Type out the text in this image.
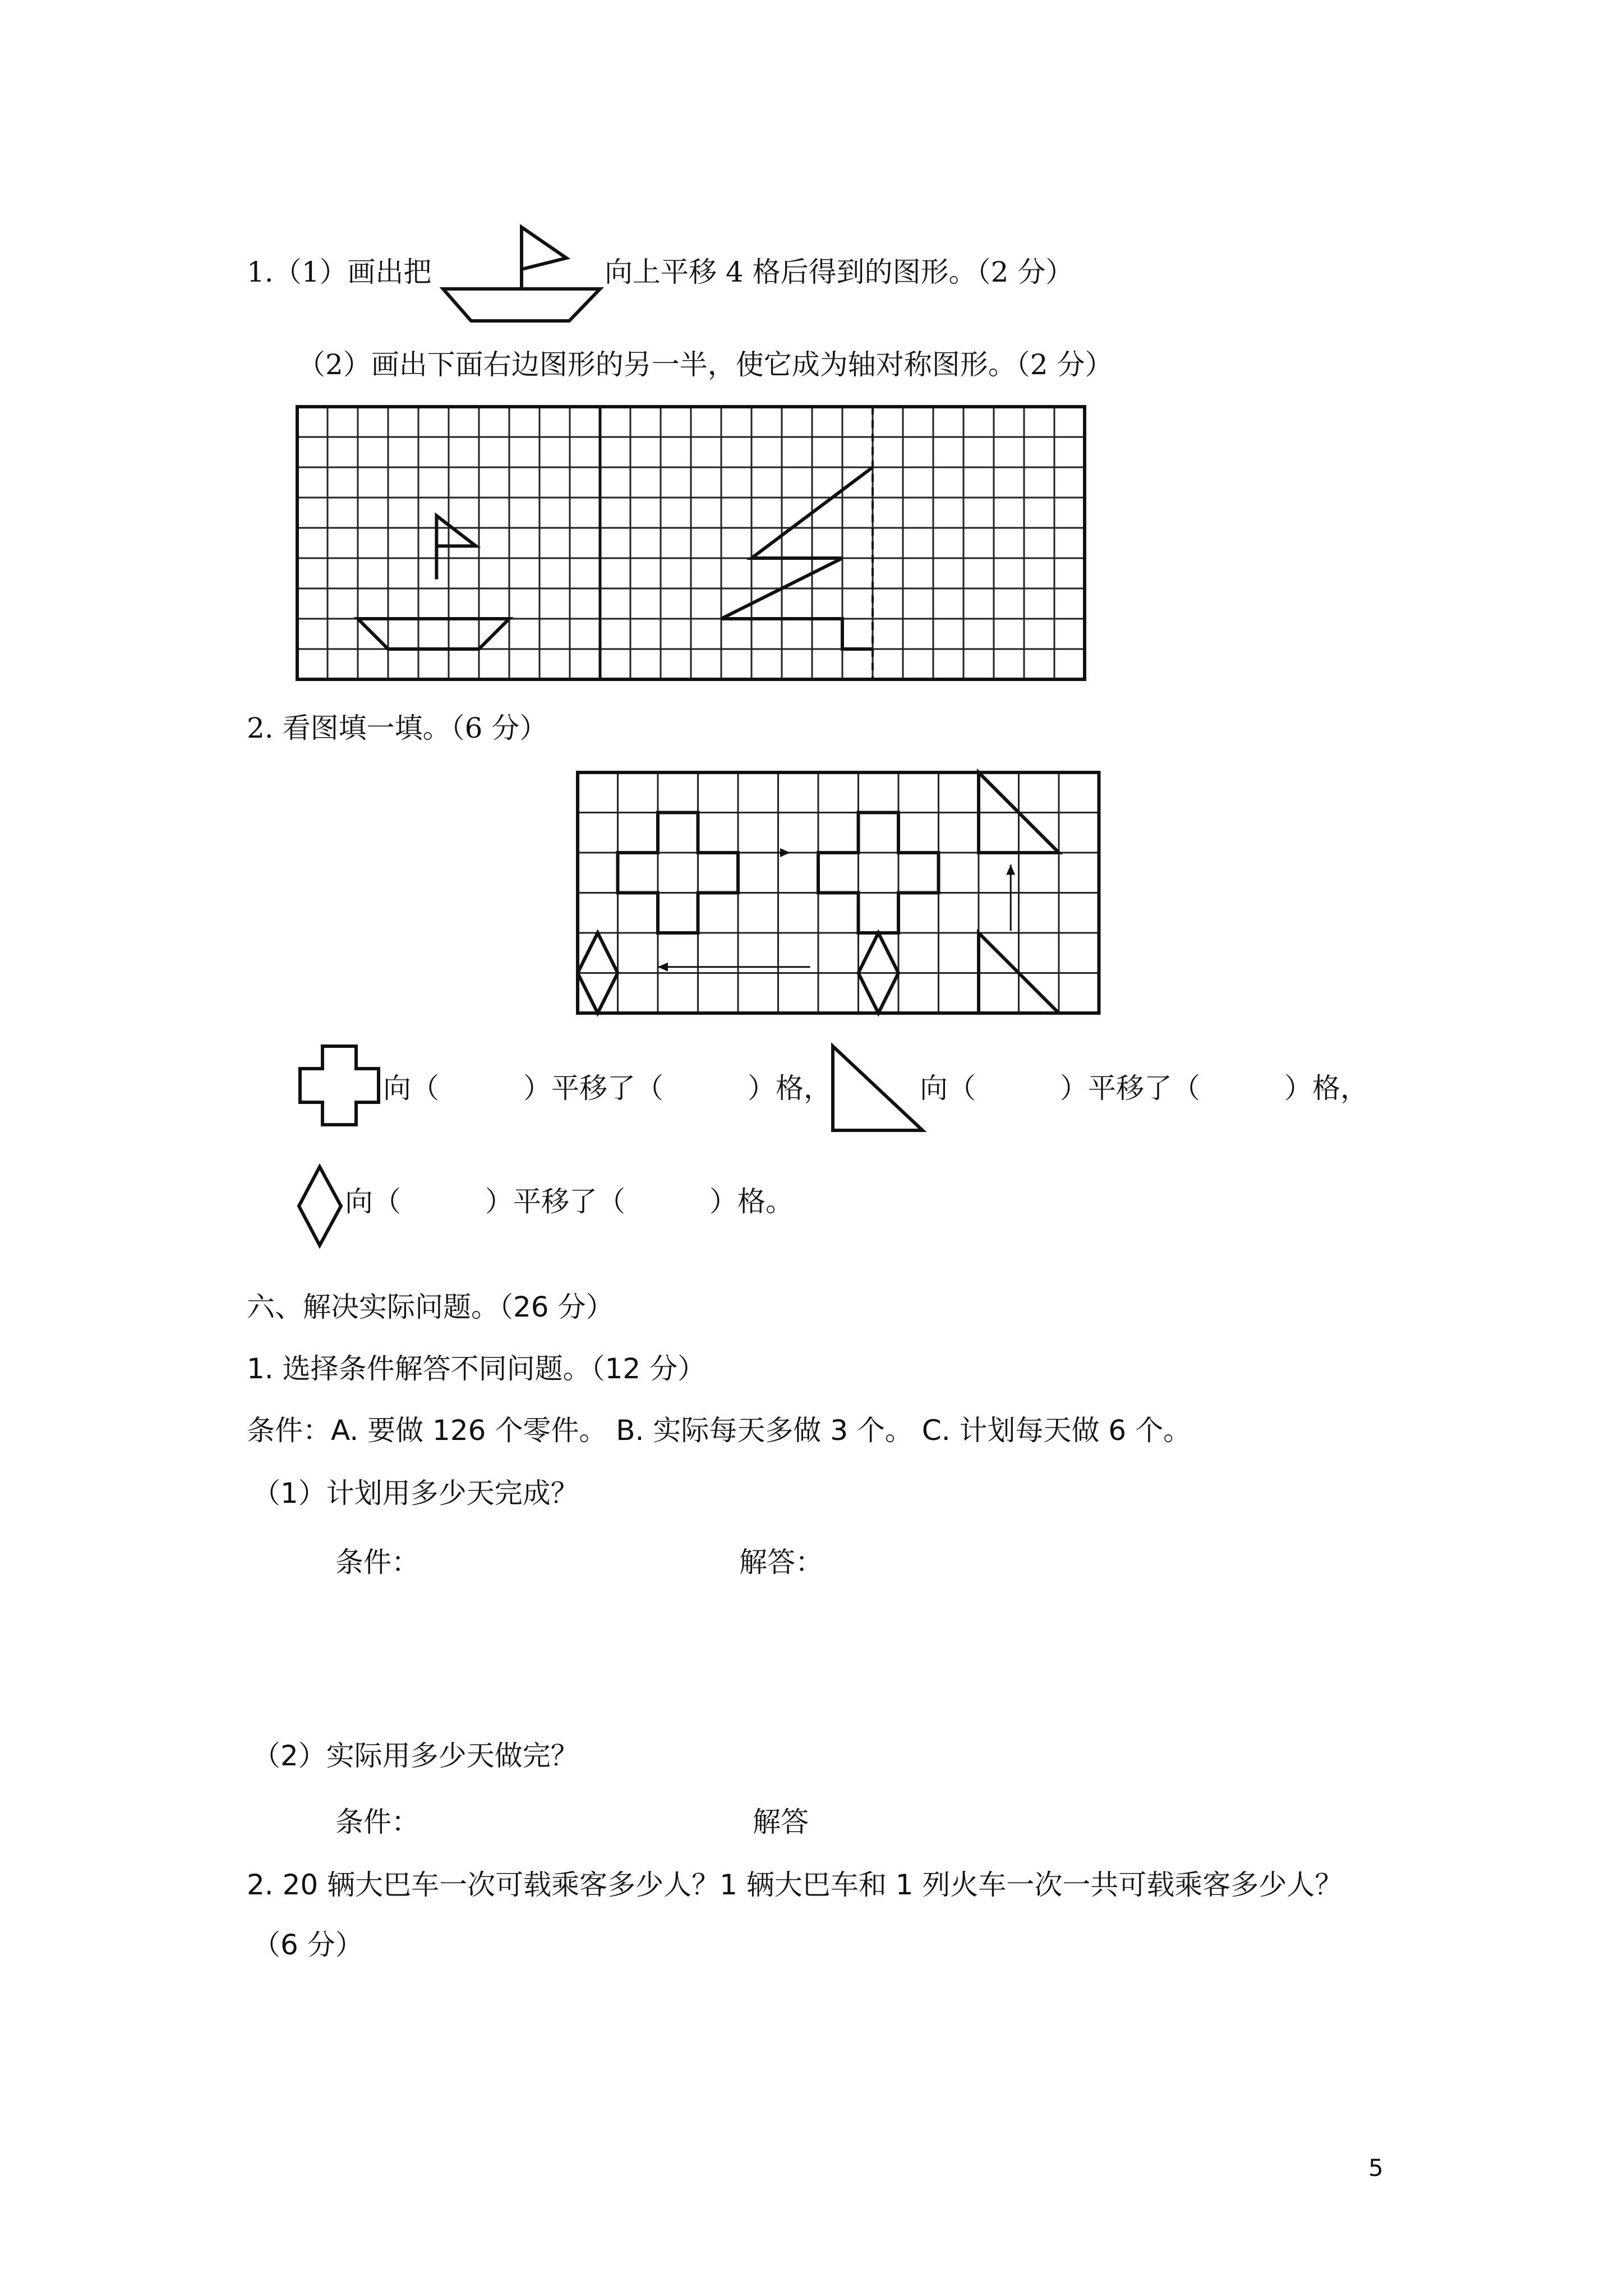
1.（1）画出把	向上平移 4 格后得到的图形。（2 分）
（2）画出下面右边图形的另一半，使它成为轴对称图形。（2 分）
2. 看图填一填。（6 分）
向（　　　）平移了（　　　）格，	向（　　　）平移了（　　　）格，
向（　　　）平移了（　　　）格。
六、解决实际问题。（26 分）
1. 选择条件解答不同问题。（12 分）
条件：A. 要做 126 个零件。 B. 实际每天多做 3 个。 C. 计划每天做 6 个。
（1）计划用多少天完成？
条件：	解答：
（2）实际用多少天做完？
条件：	解答
2. 20 辆大巴车一次可载乘客多少人？1 辆大巴车和 1 列火车一次一共可载乘客多少人？
（6 分）
5
